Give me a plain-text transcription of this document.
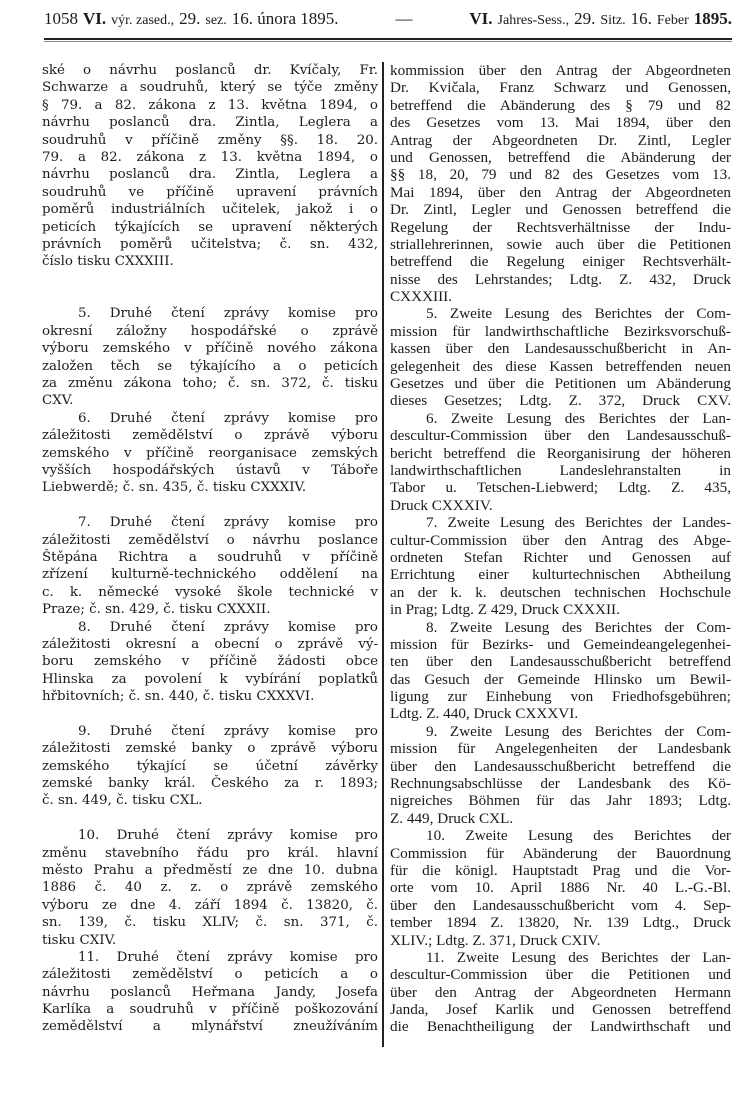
1058 VI. výr. zased., 29. sez. 16. února 1895.	—	VI. Jahres-Sess., 29. Sitz. 16. Feber 1895.
ské o návrhu poslanců dr. Kvíčaly, Fr.
Schwarze a soudruhů, který se týče změny
§ 79. a 82. zákona z 13. května 1894, o
návrhu poslanců dra. Zintla, Leglera a
soudruhů v příčině změny §§. 18. 20.
79. a 82. zákona z 13. května 1894, o
návrhu poslanců dra. Zintla, Leglera a
soudruhů ve příčině upravení právních
poměrů industriálních učitelek, jakož i o
peticích týkajících se upravení některých
právních poměrů učitelstva; č. sn. 432,
číslo tisku CXXXIII.
5. Druhé čtení zprávy komise pro
okresní záložny hospodářské o zprávě
výboru zemského v příčině nového zákona
založen těch se týkajícího a o peticích
za změnu zákona toho; č. sn. 372, č. tisku
CXV.
6. Druhé čtení zprávy komise pro
záležitosti zemědělství o zprávě výboru
zemského v příčině reorganisace zemských
vyšších hospodářských ústavů v Táboře
Liebwerdě; č. sn. 435, č. tisku CXXXIV.
7. Druhé čtení zprávy komise pro
záležitosti zemědělství o návrhu poslance
Štěpána Richtra a soudruhů v příčině
zřízení kulturně-technického oddělení na
c. k. německé vysoké škole technické v
Praze; č. sn. 429, č. tisku CXXXII.
8. Druhé čtení zprávy komise pro
záležitosti okresní a obecní o zprávě vý-
boru zemského v příčině žádosti obce
Hlinska za povolení k vybírání poplatků
hřbitovních; č. sn. 440, č. tisku CXXXVI.
9. Druhé čtení zprávy komise pro
záležitosti zemské banky o zprávě výboru
zemského týkající se účetní závěrky
zemské banky král. Českého za r. 1893;
č. sn. 449, č. tisku CXL.
10. Druhé čtení zprávy komise pro
změnu stavebního řádu pro král. hlavní
město Prahu a předměstí ze dne 10. dubna
1886 č. 40 z. z. o zprávě zemského
výboru ze dne 4. září 1894 č. 13820, č.
sn. 139, č. tisku XLIV; č. sn. 371, č.
tisku CXIV.
11. Druhé čtení zprávy komise pro
záležitosti zemědělství o peticích a o
návrhu poslanců Heřmana Jandy, Josefa
Karlíka a soudruhů v příčině poškozování
zemědělství a mlynářství zneužíváním
kommission über den Antrag der Abgeordneten
Dr. Kvičala, Franz Schwarz und Genossen,
betreffend die Abänderung des § 79 und 82
des Gesetzes vom 13. Mai 1894, über den
Antrag der Abgeordneten Dr. Zintl, Legler
und Genossen, betreffend die Abänderung der
§§ 18, 20, 79 und 82 des Gesetzes vom 13.
Mai 1894, über den Antrag der Abgeordneten
Dr. Zintl, Legler und Genossen betreffend die
Regelung der Rechtsverhältnisse der Indu-
striallehrerinnen, sowie auch über die Petitionen
betreffend die Regelung einiger Rechtsverhält-
nisse des Lehrstandes; Ldtg. Z. 432, Druck
CXXXIII.
5. Zweite Lesung des Berichtes der Com-
mission für landwirthschaftliche Bezirksvorschuß-
kassen über den Landesausschußbericht in An-
gelegenheit des diese Kassen betreffenden neuen
Gesetzes und über die Petitionen um Abänderung
dieses Gesetzes; Ldtg. Z. 372, Druck CXV.
6. Zweite Lesung des Berichtes der Lan-
descultur-Commission über den Landesausschuß-
bericht betreffend die Reorganisirung der höheren
landwirthschaftlichen Landeslehranstalten in
Tabor u. Tetschen-Liebwerd; Ldtg. Z. 435,
Druck CXXXIV.
7. Zweite Lesung des Berichtes der Landes-
cultur-Commission über den Antrag des Abge-
ordneten Stefan Richter und Genossen auf
Errichtung einer kulturtechnischen Abtheilung
an der k. k. deutschen technischen Hochschule
in Prag; Ldtg. Z 429, Druck CXXXII.
8. Zweite Lesung des Berichtes der Com-
mission für Bezirks- und Gemeindeangelegenhei-
ten über den Landesausschußbericht betreffend
das Gesuch der Gemeinde Hlinsko um Bewil-
ligung zur Einhebung von Friedhofsgebühren;
Ldtg. Z. 440, Druck CXXXVI.
9. Zweite Lesung des Berichtes der Com-
mission für Angelegenheiten der Landesbank
über den Landesausschußbericht betreffend die
Rechnungsabschlüsse der Landesbank des Kö-
nigreiches Böhmen für das Jahr 1893; Ldtg.
Z. 449, Druck CXL.
10. Zweite Lesung des Berichtes der
Commission für Abänderung der Bauordnung
für die königl. Hauptstadt Prag und die Vor-
orte vom 10. April 1886 Nr. 40 L.-G.-Bl.
über den Landesausschußbericht vom 4. Sep-
tember 1894 Z. 13820, Nr. 139 Ldtg., Druck
XLIV.; Ldtg. Z. 371, Druck CXIV.
11. Zweite Lesung des Berichtes der Lan-
descultur-Commission über die Petitionen und
über den Antrag der Abgeordneten Hermann
Janda, Josef Karlik und Genossen betreffend
die Benachtheiligung der Landwirthschaft und
